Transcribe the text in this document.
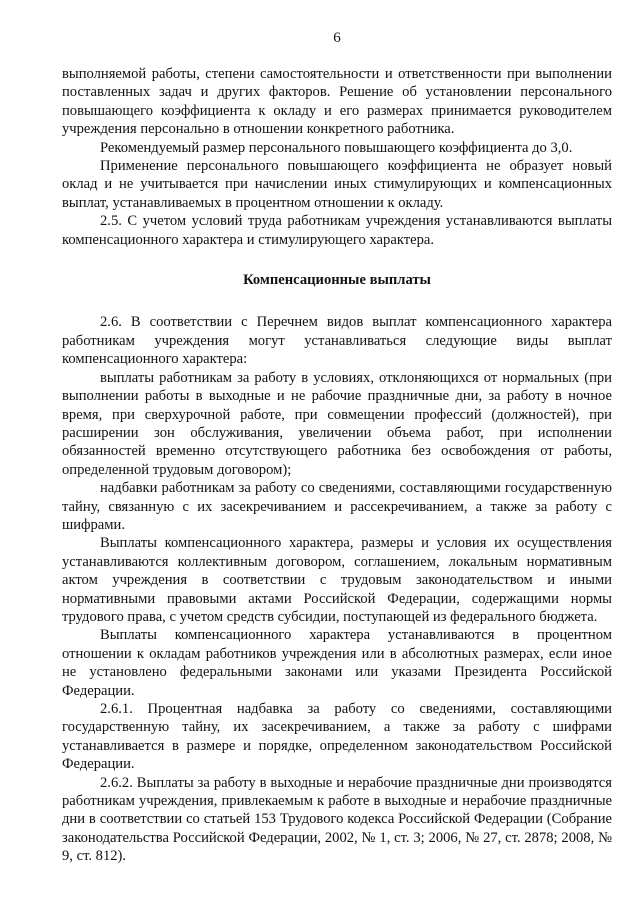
6

выполняемой работы, степени самостоятельности и ответственности при выполнении поставленных задач и других факторов. Решение об установлении персонального повышающего коэффициента к окладу и его размерах принимается руководителем учреждения персонально в отношении конкретного работника.

Рекомендуемый размер персонального повышающего коэффициента до 3,0.

Применение персонального повышающего коэффициента не образует новый оклад и не учитывается при начислении иных стимулирующих и компенсационных выплат, устанавливаемых в процентном отношении к окладу.

2.5. С учетом условий труда работникам учреждения устанавливаются выплаты компенсационного характера и стимулирующего характера.

Компенсационные выплаты

2.6. В соответствии с Перечнем видов выплат компенсационного характера работникам учреждения могут устанавливаться следующие виды выплат компенсационного характера:

выплаты работникам за работу в условиях, отклоняющихся от нормальных (при выполнении работы в выходные и не рабочие праздничные дни, за работу в ночное время, при сверхурочной работе, при совмещении профессий (должностей), при расширении зон обслуживания, увеличении объема работ, при исполнении обязанностей временно отсутствующего работника без освобождения от работы, определенной трудовым договором);

надбавки работникам за работу со сведениями, составляющими государственную тайну, связанную с их засекречиванием и рассекречиванием, а также за работу с шифрами.

Выплаты компенсационного характера, размеры и условия их осуществления устанавливаются коллективным договором, соглашением, локальным нормативным актом учреждения в соответствии с трудовым законодательством и иными нормативными правовыми актами Российской Федерации, содержащими нормы трудового права, с учетом средств субсидии, поступающей из федерального бюджета.

Выплаты компенсационного характера устанавливаются в процентном отношении к окладам работников учреждения или в абсолютных размерах, если иное не установлено федеральными законами или указами Президента Российской Федерации.

2.6.1. Процентная надбавка за работу со сведениями, составляющими государственную тайну, их засекречиванием, а также за работу с шифрами устанавливается в размере и порядке, определенном законодательством Российской Федерации.

2.6.2. Выплаты за работу в выходные и нерабочие праздничные дни производятся работникам учреждения, привлекаемым к работе в выходные и нерабочие праздничные дни в соответствии со статьей 153 Трудового кодекса Российской Федерации (Собрание законодательства Российской Федерации, 2002, № 1, ст. 3; 2006, № 27, ст. 2878; 2008, № 9, ст. 812).
